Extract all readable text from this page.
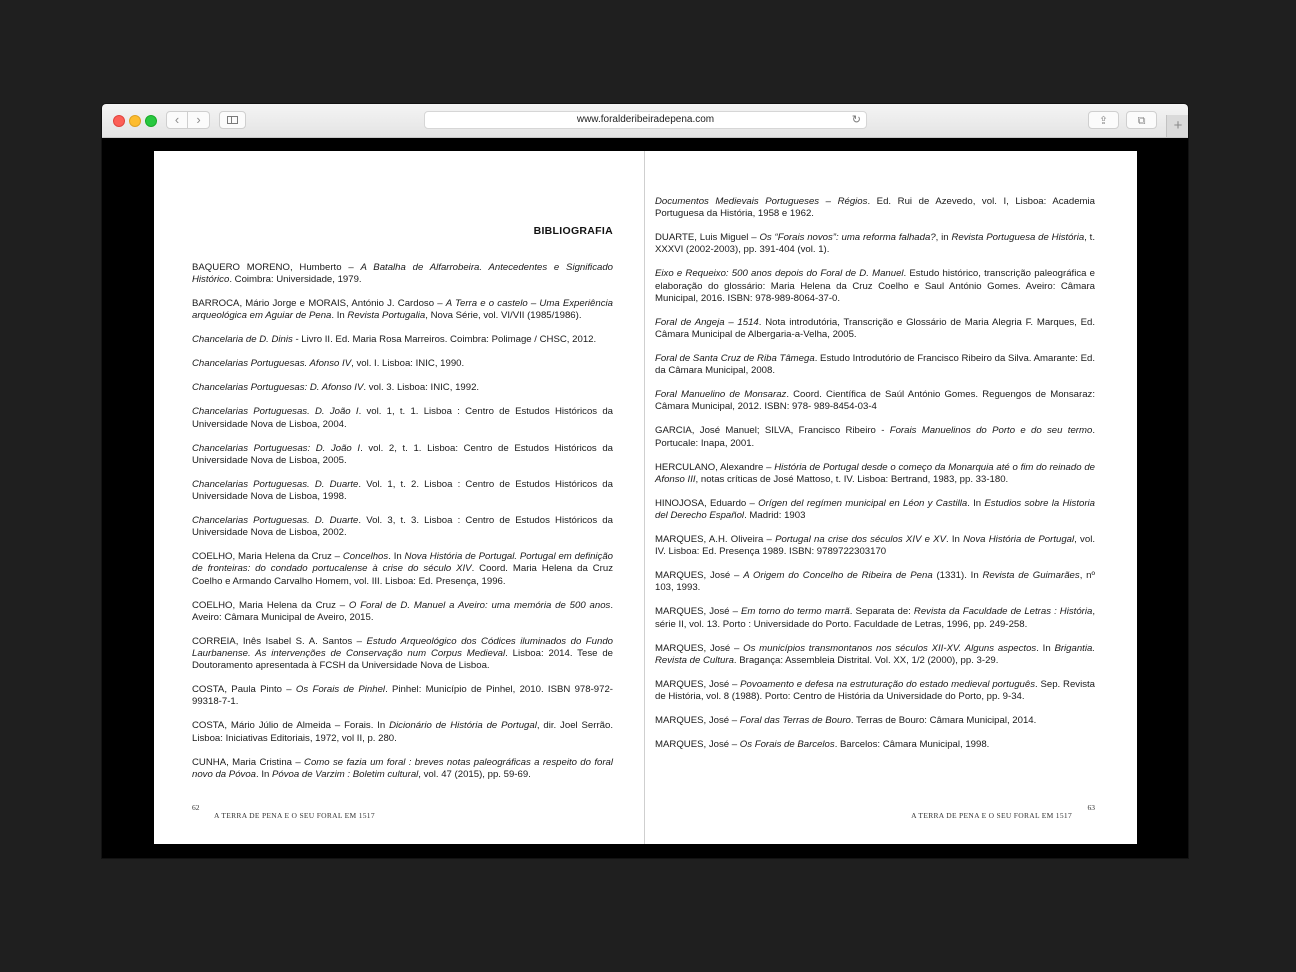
‹	›	www.foralderibeiradepena.com	↻	⇪	⧉	+
BIBLIOGRAFIA

BAQUERO MORENO, Humberto – A Batalha de Alfarrobeira. Antecedentes e Significado Histórico. Coimbra: Universidade, 1979.

BARROCA, Mário Jorge e MORAIS, António J. Cardoso – A Terra e o castelo – Uma Experiência arqueológica em Aguiar de Pena. In Revista Portugalia, Nova Série, vol. VI/VII (1985/1986).

Chancelaria de D. Dinis - Livro II. Ed. Maria Rosa Marreiros. Coimbra: Polimage / CHSC, 2012.

Chancelarias Portuguesas. Afonso IV, vol. I. Lisboa: INIC, 1990.

Chancelarias Portuguesas: D. Afonso IV. vol. 3. Lisboa: INIC, 1992.

Chancelarias Portuguesas. D. João I. vol. 1, t. 1. Lisboa : Centro de Estudos Históricos da Universidade Nova de Lisboa, 2004.

Chancelarias Portuguesas: D. João I. vol. 2, t. 1. Lisboa: Centro de Estudos Históricos da Universidade Nova de Lisboa, 2005.

Chancelarias Portuguesas. D. Duarte. Vol. 1, t. 2. Lisboa : Centro de Estudos Históricos da Universidade Nova de Lisboa, 1998.

Chancelarias Portuguesas. D. Duarte. Vol. 3, t. 3. Lisboa : Centro de Estudos Históricos da Universidade Nova de Lisboa, 2002.

COELHO, Maria Helena da Cruz – Concelhos. In Nova História de Portugal. Portugal em definição de fronteiras: do condado portucalense à crise do século XIV. Coord. Maria Helena da Cruz Coelho e Armando Carvalho Homem, vol. III. Lisboa: Ed. Presença, 1996.

COELHO, Maria Helena da Cruz – O Foral de D. Manuel a Aveiro: uma memória de 500 anos. Aveiro: Câmara Municipal de Aveiro, 2015.

CORREIA, Inês Isabel S. A. Santos – Estudo Arqueológico dos Códices iluminados do Fundo Laurbanense. As intervenções de Conservação num Corpus Medieval. Lisboa: 2014. Tese de Doutoramento apresentada à FCSH da Universidade Nova de Lisboa.

COSTA, Paula Pinto – Os Forais de Pinhel. Pinhel: Município de Pinhel, 2010. ISBN 978-972-99318-7-1.

COSTA, Mário Júlio de Almeida – Forais. In Dicionário de História de Portugal, dir. Joel Serrão. Lisboa: Iniciativas Editoriais, 1972, vol II, p. 280.

CUNHA, Maria Cristina – Como se fazia um foral : breves notas paleográficas a respeito do foral novo da Póvoa. In Póvoa de Varzim : Boletim cultural, vol. 47 (2015), pp. 59-69.

62
A TERRA DE PENA E O SEU FORAL EM 1517

Documentos Medievais Portugueses – Régios. Ed. Rui de Azevedo, vol. I, Lisboa: Academia Portuguesa da História, 1958 e 1962.

DUARTE, Luis Miguel – Os “Forais novos”: uma reforma falhada?, in Revista Portuguesa de História, t. XXXVI (2002-2003), pp. 391-404 (vol. 1).

Eixo e Requeixo: 500 anos depois do Foral de D. Manuel. Estudo histórico, transcrição paleográfica e elaboração do glossário: Maria Helena da Cruz Coelho e Saul António Gomes. Aveiro: Câmara Municipal, 2016. ISBN: 978-989-8064-37-0.

Foral de Angeja – 1514. Nota introdutória, Transcrição e Glossário de Maria Alegria F. Marques, Ed. Câmara Municipal de Albergaria-a-Velha, 2005.

Foral de Santa Cruz de Riba Tâmega. Estudo Introdutório de Francisco Ribeiro da Silva. Amarante: Ed. da Câmara Municipal, 2008.

Foral Manuelino de Monsaraz. Coord. Científica de Saúl António Gomes. Reguengos de Monsaraz: Câmara Municipal, 2012. ISBN: 978- 989-8454-03-4

GARCIA, José Manuel; SILVA, Francisco Ribeiro - Forais Manuelinos do Porto e do seu termo. Portucale: Inapa, 2001.

HERCULANO, Alexandre – História de Portugal desde o começo da Monarquia até o fim do reinado de Afonso III, notas críticas de José Mattoso, t. IV. Lisboa: Bertrand, 1983, pp. 33-180.

HINOJOSA, Eduardo – Orígen del regímen municipal en Léon y Castilla. In Estudios sobre la Historia del Derecho Español. Madrid: 1903

MARQUES, A.H. Oliveira – Portugal na crise dos séculos XIV e XV. In Nova História de Portugal, vol. IV. Lisboa: Ed. Presença 1989. ISBN: 9789722303170

MARQUES, José – A Origem do Concelho de Ribeira de Pena (1331). In Revista de Guimarães, nº 103, 1993.

MARQUES, José – Em torno do termo marrã. Separata de: Revista da Faculdade de Letras : História, série II, vol. 13. Porto : Universidade do Porto. Faculdade de Letras, 1996, pp. 249-258.

MARQUES, José – Os municípios transmontanos nos séculos XII-XV. Alguns aspectos. In Brigantia. Revista de Cultura. Bragança: Assembleia Distrital. Vol. XX, 1/2 (2000), pp. 3-29.

MARQUES, José – Povoamento e defesa na estruturação do estado medieval português. Sep. Revista de História, vol. 8 (1988). Porto: Centro de História da Universidade do Porto, pp. 9-34.

MARQUES, José – Foral das Terras de Bouro. Terras de Bouro: Câmara Municipal, 2014.

MARQUES, José – Os Forais de Barcelos. Barcelos: Câmara Municipal, 1998.

63
A TERRA DE PENA E O SEU FORAL EM 1517
